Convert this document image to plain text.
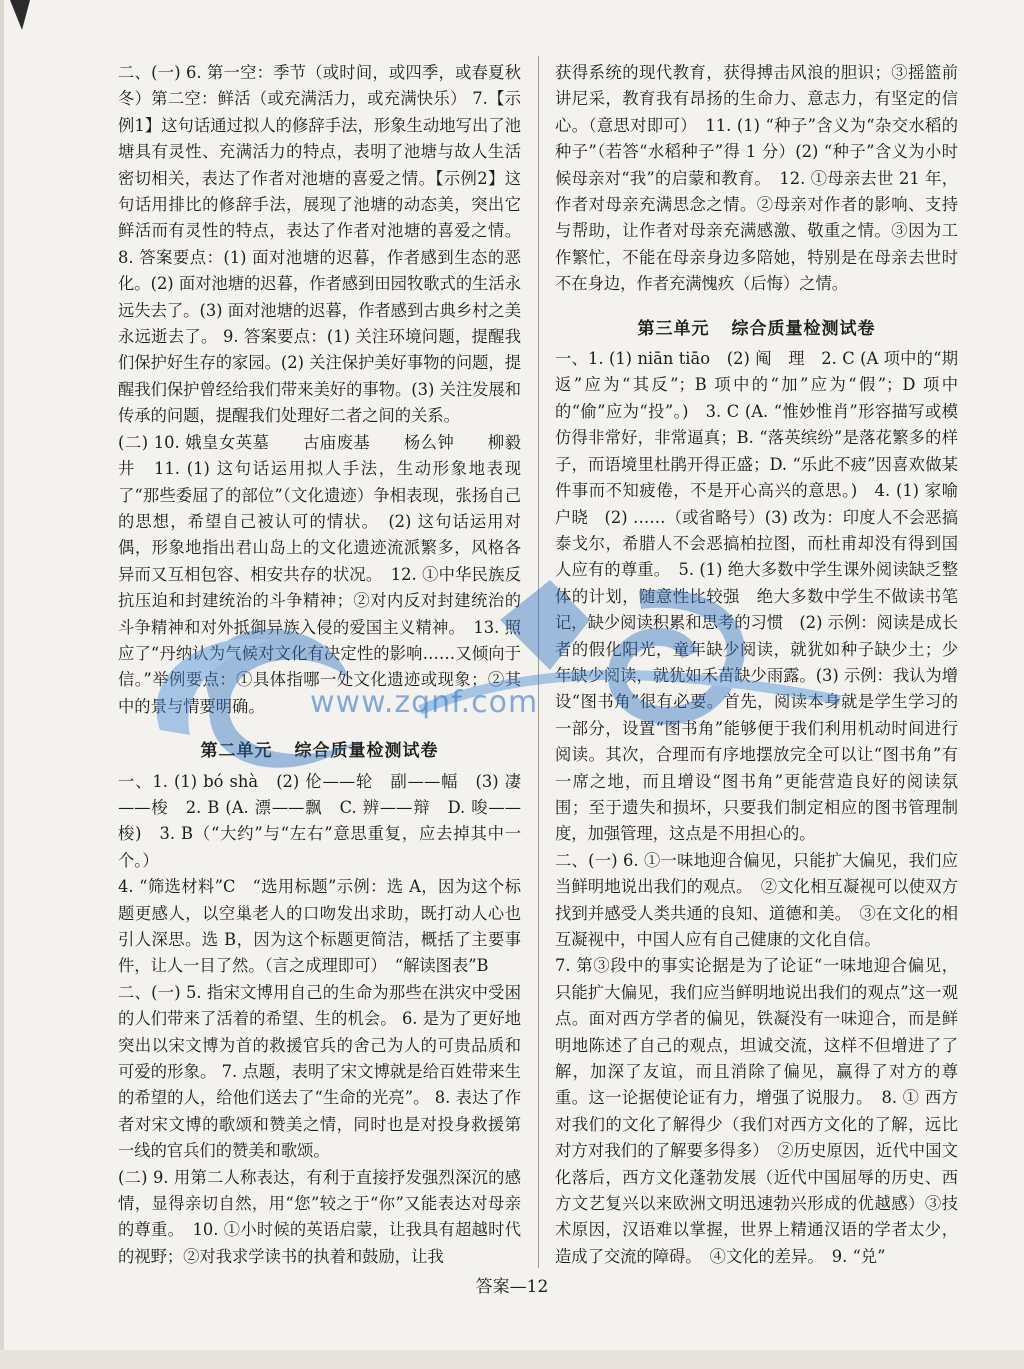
二、(一) 6. 第一空：季节（或时间，或四季，或春夏秋冬）第二空：鲜活（或充满活力，或充满快乐） 7.【示例1】这句话通过拟人的修辞手法，形象生动地写出了池塘具有灵性、充满活力的特点，表明了池塘与故人生活密切相关，表达了作者对池塘的喜爱之情。【示例2】这句话用排比的修辞手法，展现了池塘的动态美，突出它鲜活而有灵性的特点，表达了作者对池塘的喜爱之情。 8. 答案要点：(1) 面对池塘的迟暮，作者感到生态的恶化。(2) 面对池塘的迟暮，作者感到田园牧歌式的生活永远失去了。(3) 面对池塘的迟暮，作者感到古典乡村之美永远逝去了。 9. 答案要点：(1) 关注环境问题，提醒我们保护好生存的家园。(2) 关注保护美好事物的问题，提醒我们保护曾经给我们带来美好的事物。(3) 关注发展和传承的问题，提醒我们处理好二者之间的关系。

(二) 10. 娥皇女英墓　　古庙废基　　杨么钟　　柳毅井　11. (1) 这句话运用拟人手法，生动形象地表现了“那些委屈了的部位”（文化遗迹）争相表现，张扬自己的思想，希望自己被认可的情状。　(2) 这句话运用对偶，形象地指出君山岛上的文化遗迹流派繁多，风格各异而又互相包容、相安共存的状况。　12. ①中华民族反抗压迫和封建统治的斗争精神；②对内反对封建统治的斗争精神和对外抵御异族入侵的爱国主义精神。　13. 照应了“丹纳认为气候对文化有决定性的影响……又倾向于信。”举例要点：①具体指哪一处文化遗迹或现象；②其中的景与情要明确。

第二单元 综合质量检测试卷

一、1. (1) bó shà　(2) 伦——轮　副——幅　(3) 凄——梭　2. B (A. 漂——飘　C. 辨——辩　D. 唆——梭)　3. B（“大约”与“左右”意思重复，应去掉其中一个。）

4. “筛选材料”C　“选用标题”示例：选 A，因为这个标题更感人，以空巢老人的口吻发出求助，既打动人心也引人深思。选 B，因为这个标题更简洁，概括了主要事件，让人一目了然。（言之成理即可）　“解读图表”B

二、(一) 5. 指宋文博用自己的生命为那些在洪灾中受困的人们带来了活着的希望、生的机会。 6. 是为了更好地突出以宋文博为首的救援官兵的舍己为人的可贵品质和可爱的形象。 7. 点题，表明了宋文博就是给百姓带来生的希望的人，给他们送去了“生命的光亮”。 8. 表达了作者对宋文博的歌颂和赞美之情，同时也是对投身救援第一线的官兵们的赞美和歌颂。

(二) 9. 用第二人称表达，有利于直接抒发强烈深沉的感情，显得亲切自然，用“您”较之于“你”又能表达对母亲的尊重。　10. ①小时候的英语启蒙，让我具有超越时代的视野；②对我求学读书的执着和鼓励，让我

获得系统的现代教育，获得搏击风浪的胆识；③摇篮前讲尼采，教育我有昂扬的生命力、意志力，有坚定的信心。（意思对即可）　11. (1) “种子”含义为“杂交水稻的种子”（若答“水稻种子”得 1 分）(2) “种子”含义为小时候母亲对“我”的启蒙和教育。　12. ①母亲去世 21 年，作者对母亲充满思念之情。②母亲对作者的影响、支持与帮助，让作者对母亲充满感激、敬重之情。③因为工作繁忙，不能在母亲身边多陪她，特别是在母亲去世时不在身边，作者充满愧疚（后悔）之情。

第三单元 综合质量检测试卷

一、1. (1) niān tiāo　(2) 阄　理　2. C (A 项中的“期返”应为“其反”；B 项中的“加”应为“假”；D 项中的“偷”应为“投”。)　3. C (A. “惟妙惟肖”形容描写或模仿得非常好，非常逼真；B. “落英缤纷”是落花繁多的样子，而语境里杜鹃开得正盛；D. “乐此不疲”因喜欢做某件事而不知疲倦，不是开心高兴的意思。)　4. (1) 家喻户晓　(2) ……（或省略号）(3) 改为：印度人不会恶搞泰戈尔，希腊人不会恶搞柏拉图，而杜甫却没有得到国人应有的尊重。　5. (1) 绝大多数中学生课外阅读缺乏整体的计划，随意性比较强　绝大多数中学生不做读书笔记，缺少阅读积累和思考的习惯　(2) 示例：阅读是成长者的假化阳光，童年缺少阅读，就犹如种子缺少土；少年缺少阅读，就犹如禾苗缺少雨露。(3) 示例：我认为增设“图书角”很有必要。首先，阅读本身就是学生学习的一部分，设置“图书角”能够便于我们利用机动时间进行阅读。其次，合理而有序地摆放完全可以让“图书角”有一席之地，而且增设“图书角”更能营造良好的阅读氛围；至于遗失和损坏，只要我们制定相应的图书管理制度，加强管理，这点是不用担心的。

二、(一) 6. ①一味地迎合偏见，只能扩大偏见，我们应当鲜明地说出我们的观点。　②文化相互凝视可以使双方找到并感受人类共通的良知、道德和美。　③在文化的相互凝视中，中国人应有自己健康的文化自信。

7. 第③段中的事实论据是为了论证“一味地迎合偏见，只能扩大偏见，我们应当鲜明地说出我们的观点”这一观点。面对西方学者的偏见，铁凝没有一味迎合，而是鲜明地陈述了自己的观点，坦诚交流，这样不但增进了了解，加深了友谊，而且消除了偏见，赢得了对方的尊重。这一论据使论证有力，增强了说服力。　8. ① 西方对我们的文化了解得少（我们对西方文化的了解，远比对方对我们的了解要多得多）　②历史原因，近代中国文化落后，西方文化蓬勃发展（近代中国屈辱的历史、西方文艺复兴以来欧洲文明迅速勃兴形成的优越感）③技术原因，汉语难以掌握，世界上精通汉语的学者太少，造成了交流的障碍。　④文化的差异。　9. “兑”

www.zqnf.com
答案—12
